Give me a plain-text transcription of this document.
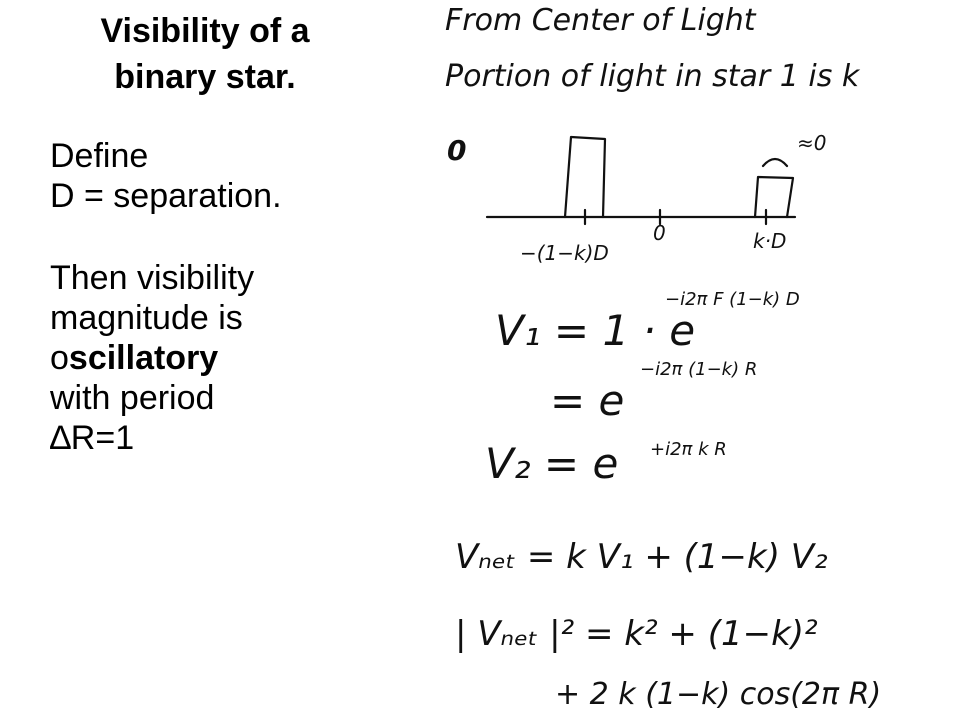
Visibility of a
binary star.
Define
D = separation.
Then visibility
magnitude is
oscillatory
with period
∆R=1
From Center of Light
Portion of light in star 1 is k
0	≈0
−(1−k)D
0	k·D
V₁ = 1 · e
−i2π F (1−k) D
= e
−i2π (1−k) R
V₂ = e +i2π k R
Vₙₑₜ = k V₁ + (1−k) V₂
| Vₙₑₜ |² = k² + (1−k)²
+ 2 k (1−k) cos(2π R)
